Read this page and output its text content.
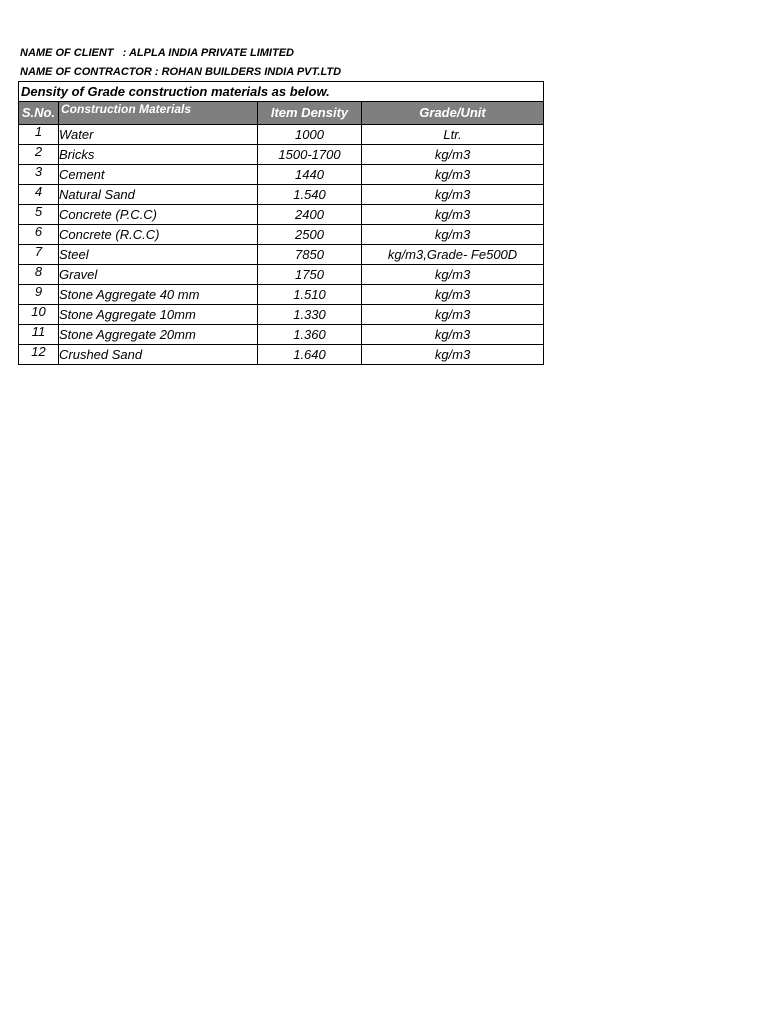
NAME OF CLIENT   : ALPLA INDIA PRIVATE LIMITED
NAME OF CONTRACTOR : ROHAN BUILDERS INDIA PVT.LTD
Density of Grade construction materials as below.			
S.No.	Construction Materials	Item Density	Grade/Unit
1	Water	1000	Ltr.
2	Bricks	1500-1700	kg/m3
3	Cement	1440	kg/m3
4	Natural Sand	1.540	kg/m3
5	Concrete (P.C.C)	2400	kg/m3
6	Concrete (R.C.C)	2500	kg/m3
7	Steel	7850	kg/m3,Grade- Fe500D
8	Gravel	1750	kg/m3
9	Stone Aggregate 40 mm	1.510	kg/m3
10	Stone Aggregate 10mm	1.330	kg/m3
11	Stone Aggregate 20mm	1.360	kg/m3
12	Crushed Sand	1.640	kg/m3
